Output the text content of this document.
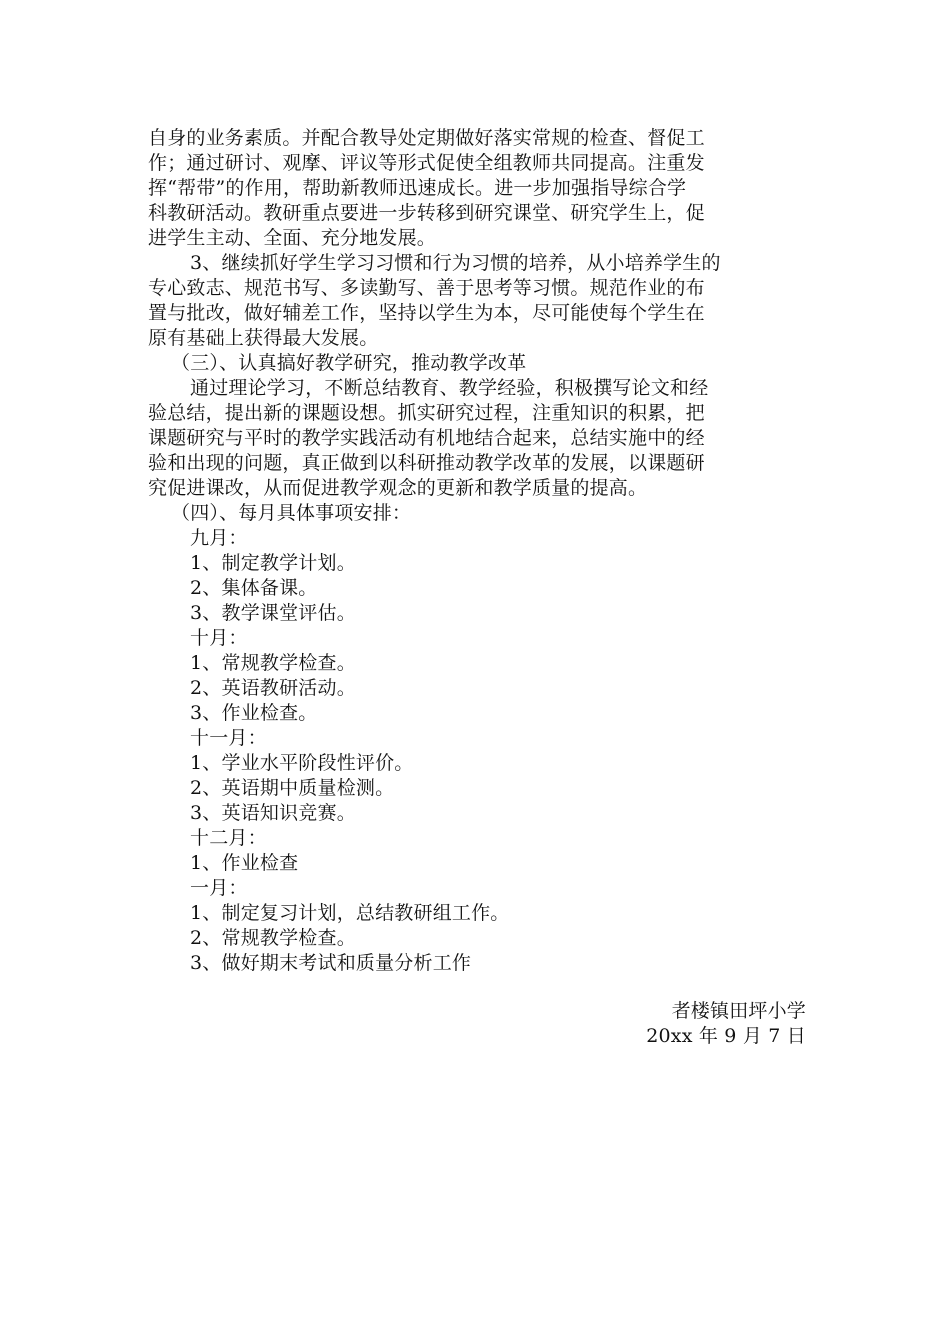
自身的业务素质。并配合教导处定期做好落实常规的检查、督促工
作；通过研讨、观摩、评议等形式促使全组教师共同提高。注重发
挥“帮带”的作用，帮助新教师迅速成长。进一步加强指导综合学
科教研活动。教研重点要进一步转移到研究课堂、研究学生上，促
进学生主动、全面、充分地发展。
3、继续抓好学生学习习惯和行为习惯的培养，从小培养学生的
专心致志、规范书写、多读勤写、善于思考等习惯。规范作业的布
置与批改，做好辅差工作，坚持以学生为本，尽可能使每个学生在
原有基础上获得最大发展。
（三）、认真搞好教学研究，推动教学改革
通过理论学习，不断总结教育、教学经验，积极撰写论文和经
验总结，提出新的课题设想。抓实研究过程，注重知识的积累，把
课题研究与平时的教学实践活动有机地结合起来，总结实施中的经
验和出现的问题，真正做到以科研推动教学改革的发展，以课题研
究促进课改，从而促进教学观念的更新和教学质量的提高。
（四）、每月具体事项安排：
九月：
1、制定教学计划。
2、集体备课。
3、教学课堂评估。
十月：
1、常规教学检查。
2、英语教研活动。
3、作业检查。
十一月：
1、学业水平阶段性评价。
2、英语期中质量检测。
3、英语知识竞赛。
十二月：
1、作业检查
一月：
1、制定复习计划，总结教研组工作。
2、常规教学检查。
3、做好期末考试和质量分析工作
者楼镇田坪小学
20xx 年 9 月 7 日
